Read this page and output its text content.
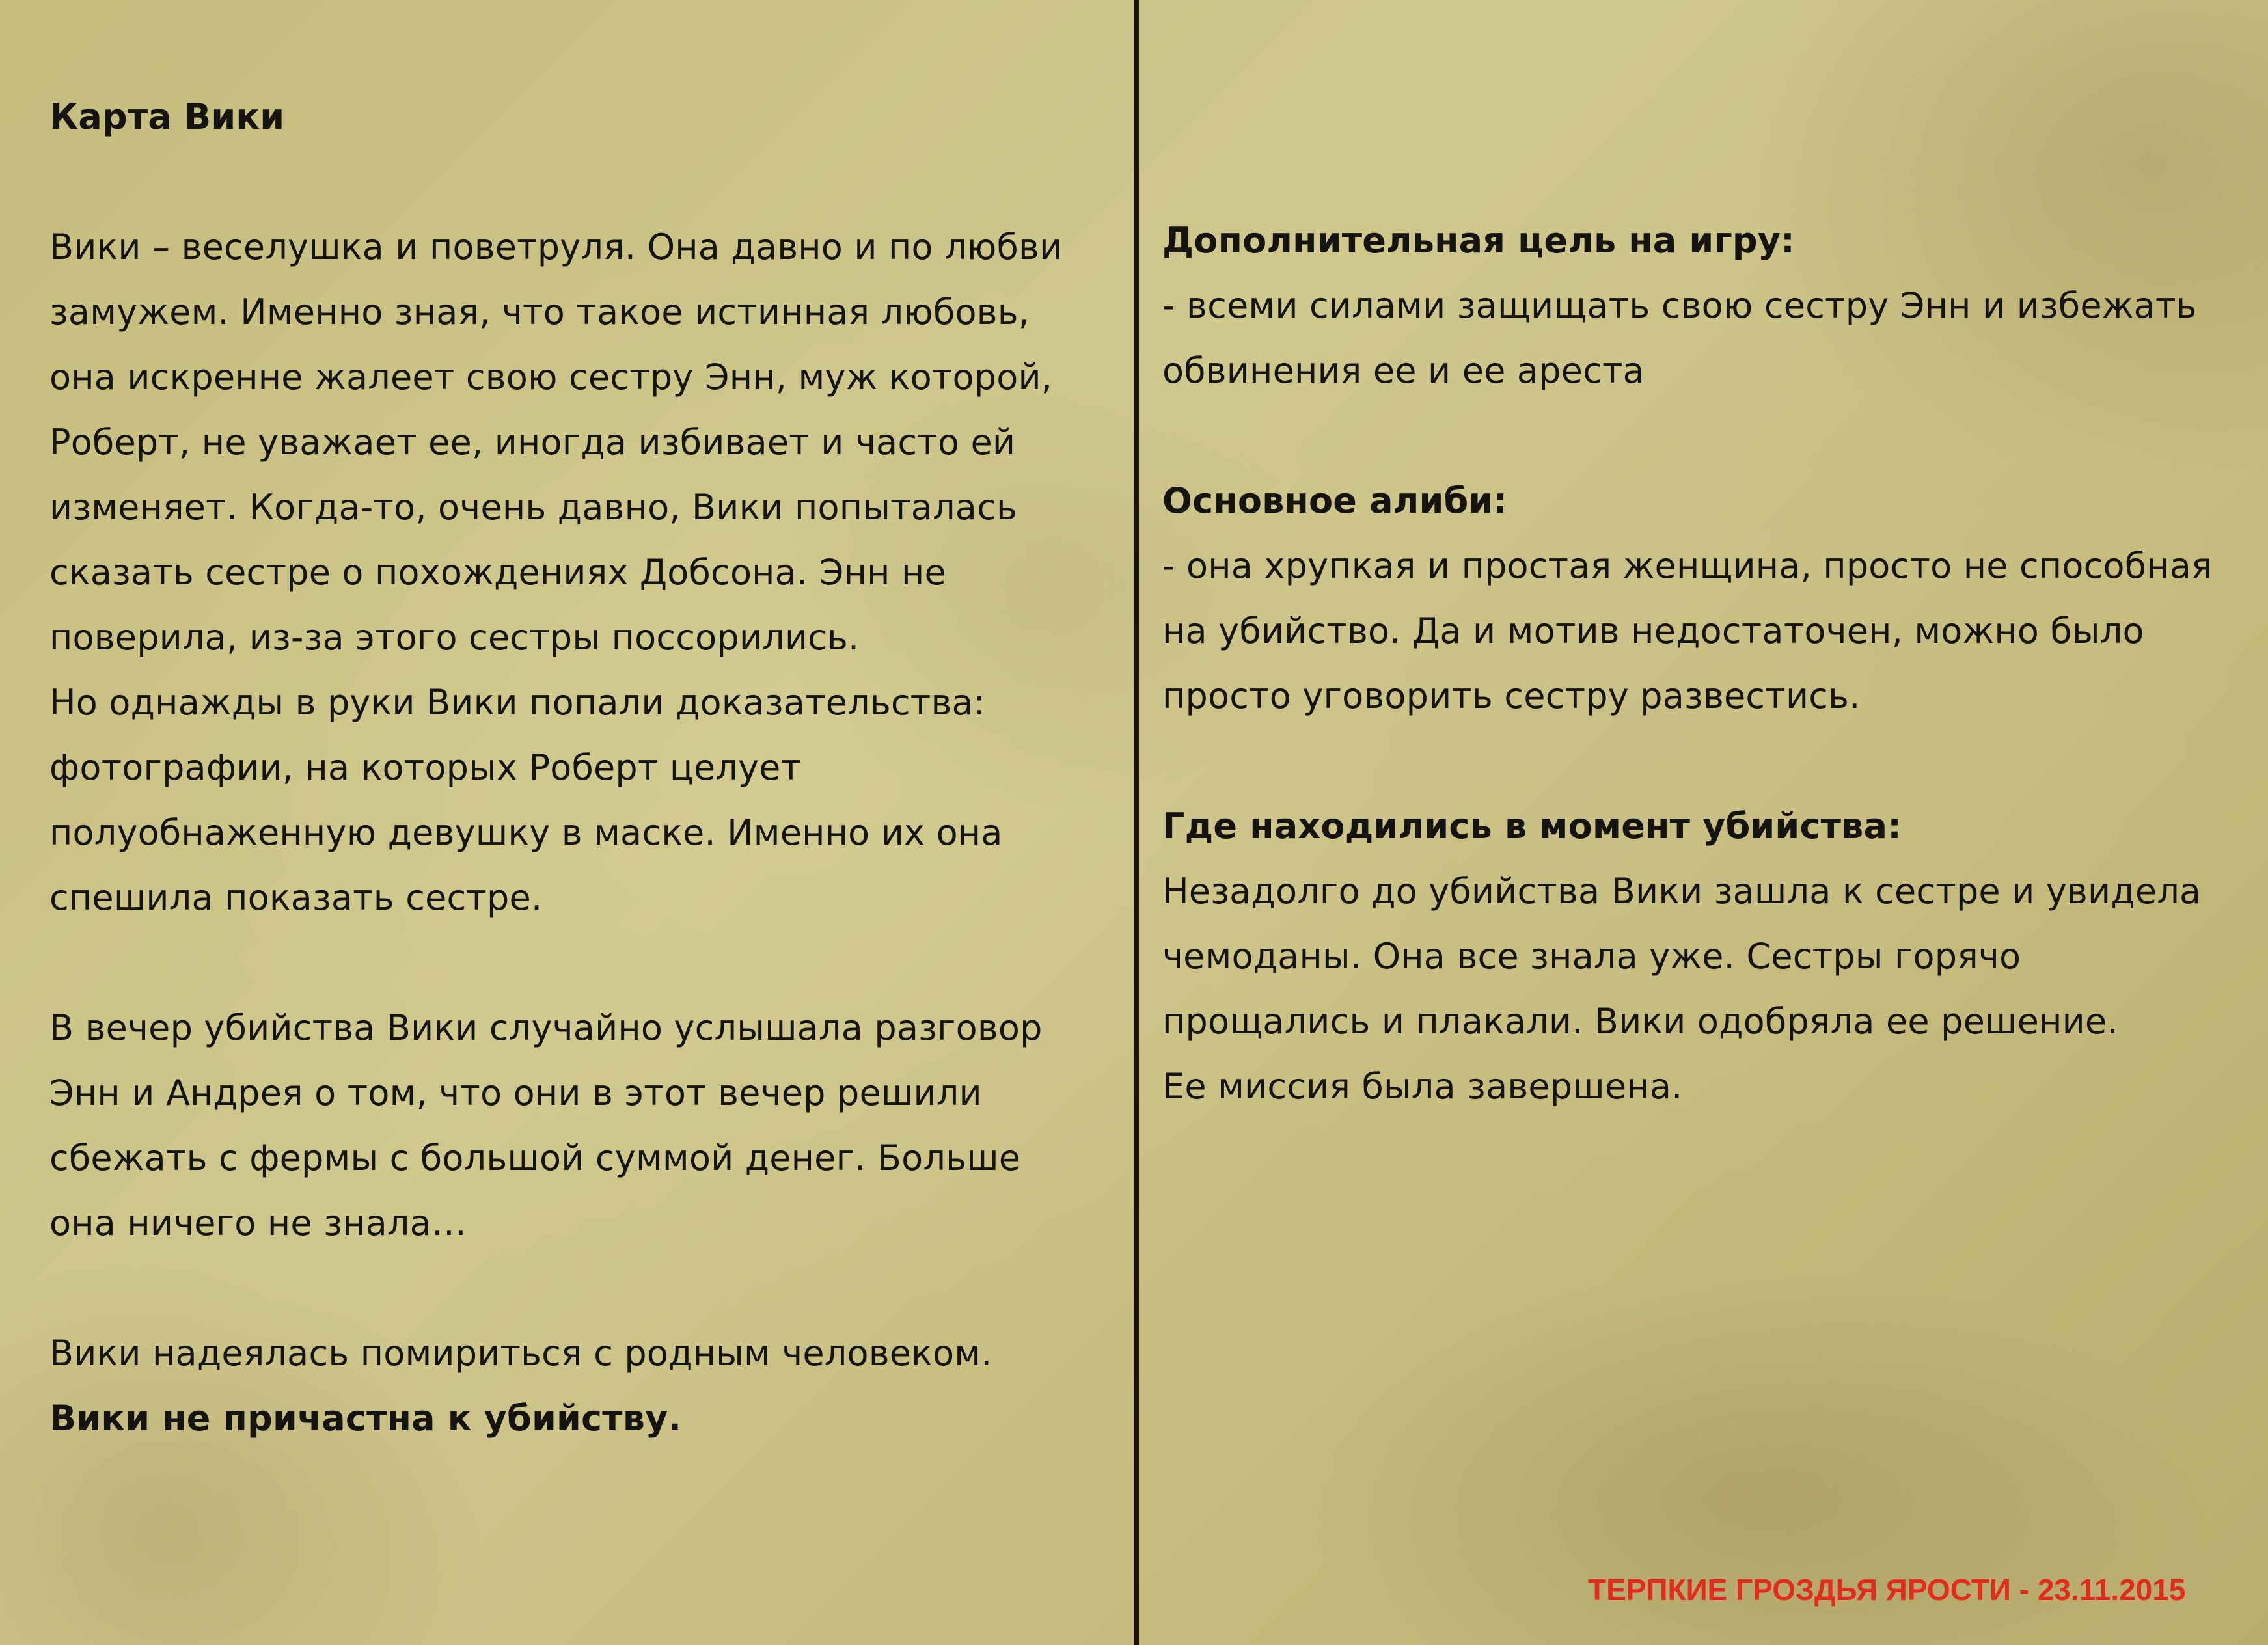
Карта Вики
Вики – веселушка и поветруля. Она давно и по любви
замужем. Именно зная, что такое истинная любовь,
она искренне жалеет свою сестру Энн, муж которой,
Роберт, не уважает ее, иногда избивает и часто ей
изменяет. Когда-то, очень давно, Вики попыталась
сказать сестре о похождениях Добсона. Энн не
поверила, из-за этого сестры поссорились.
Но однажды в руки Вики попали доказательства:
фотографии, на которых Роберт целует
полуобнаженную девушку в маске. Именно их она
спешила показать сестре.
В вечер убийства Вики случайно услышала разговор
Энн и Андрея о том, что они в этот вечер решили
сбежать с фермы с большой суммой денег. Больше
она ничего не знала…
Вики надеялась помириться с родным человеком.
Вики не причастна к убийству.
Дополнительная цель на игру:
- всеми силами защищать свою сестру Энн и избежать
обвинения ее и ее ареста
Основное алиби:
- она хрупкая и простая женщина, просто не способная
на убийство. Да и мотив недостаточен, можно было
просто уговорить сестру развестись.
Где находились в момент убийства:
Незадолго до убийства Вики зашла к сестре и увидела
чемоданы. Она все знала уже. Сестры горячо
прощались и плакали. Вики одобряла ее решение.
Ее миссия была завершена.
ТЕРПКИЕ ГРОЗДЬЯ ЯРОСТИ - 23.11.2015
